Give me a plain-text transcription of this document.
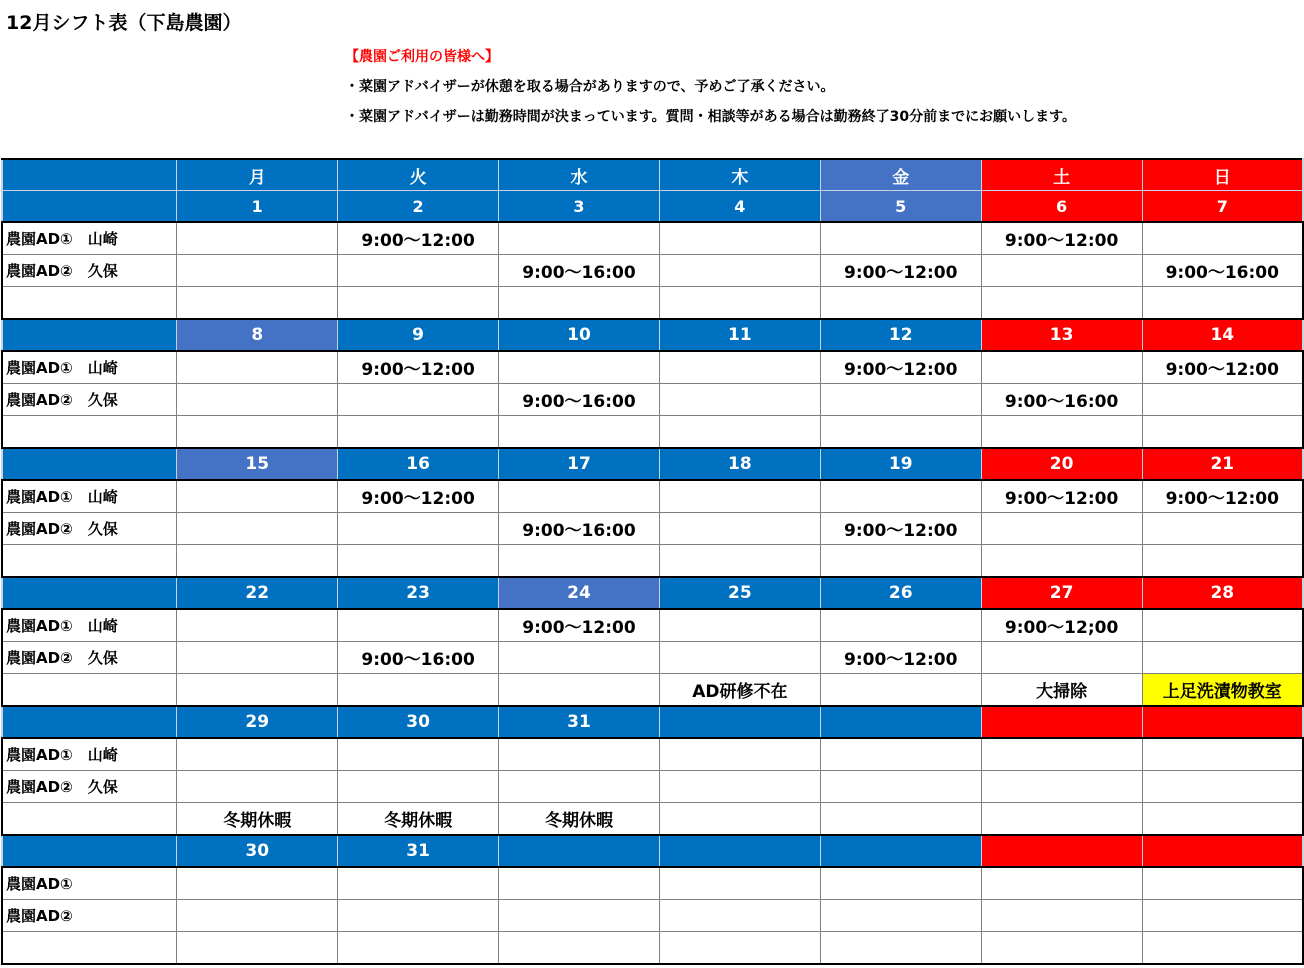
12月シフト表（下島農園）
【農園ご利用の皆様へ】
・菜園アドバイザーが休憩を取る場合がありますので、予めご了承ください。
・菜園アドバイザーは勤務時間が決まっています。質問・相談等がある場合は勤務終了30分前までにお願いします。
	月	火	水	木	金	土	日
	1	2	3	4	5	6	7
農園AD①　山崎		9:00〜12:00				9:00〜12:00	
農園AD②　久保			9:00〜16:00		9:00〜12:00		9:00〜16:00

	8	9	10	11	12	13	14
農園AD①　山崎		9:00〜12:00			9:00〜12:00		9:00〜12:00
農園AD②　久保			9:00〜16:00			9:00〜16:00	

	15	16	17	18	19	20	21
農園AD①　山崎		9:00〜12:00				9:00〜12:00	9:00〜12:00
農園AD②　久保			9:00〜16:00		9:00〜12:00		

	22	23	24	25	26	27	28
農園AD①　山崎			9:00〜12:00			9:00〜12;00	
農園AD②　久保		9:00〜16:00			9:00〜12:00		
				AD研修不在		大掃除	上足洗漬物教室
	29	30	31				
農園AD①　山崎							
農園AD②　久保							
	冬期休暇	冬期休暇	冬期休暇				
	30	31					
農園AD①							
農園AD②							
